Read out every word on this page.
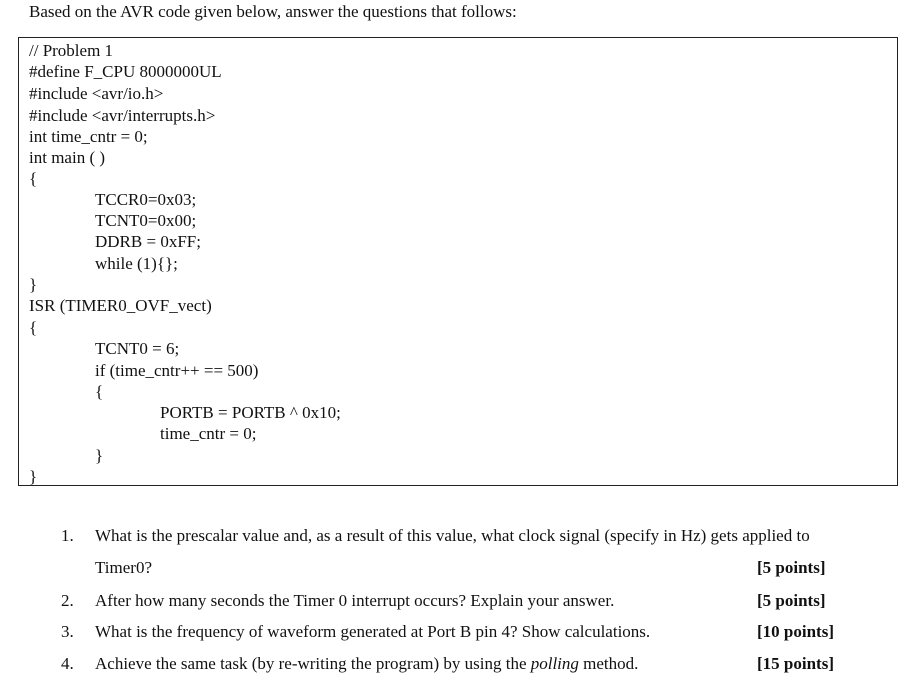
Based on the AVR code given below, answer the questions that follows:
// Problem 1
#define F_CPU 8000000UL
#include <avr/io.h>
#include <avr/interrupts.h>
int time_cntr = 0;
int main ( )
{
TCCR0=0x03;
TCNT0=0x00;
DDRB = 0xFF;
while (1){};
}
ISR (TIMER0_OVF_vect)
{
TCNT0 = 6;
if (time_cntr++ == 500)
{
PORTB = PORTB ^ 0x10;
time_cntr = 0;
}
}
1. What is the prescalar value and, as a result of this value, what clock signal (specify in Hz) gets applied to
Timer0?	[5 points]
2. After how many seconds the Timer 0 interrupt occurs? Explain your answer.	[5 points]
3. What is the frequency of waveform generated at Port B pin 4? Show calculations.	[10 points]
4. Achieve the same task (by re-writing the program) by using the polling method.	[15 points]
